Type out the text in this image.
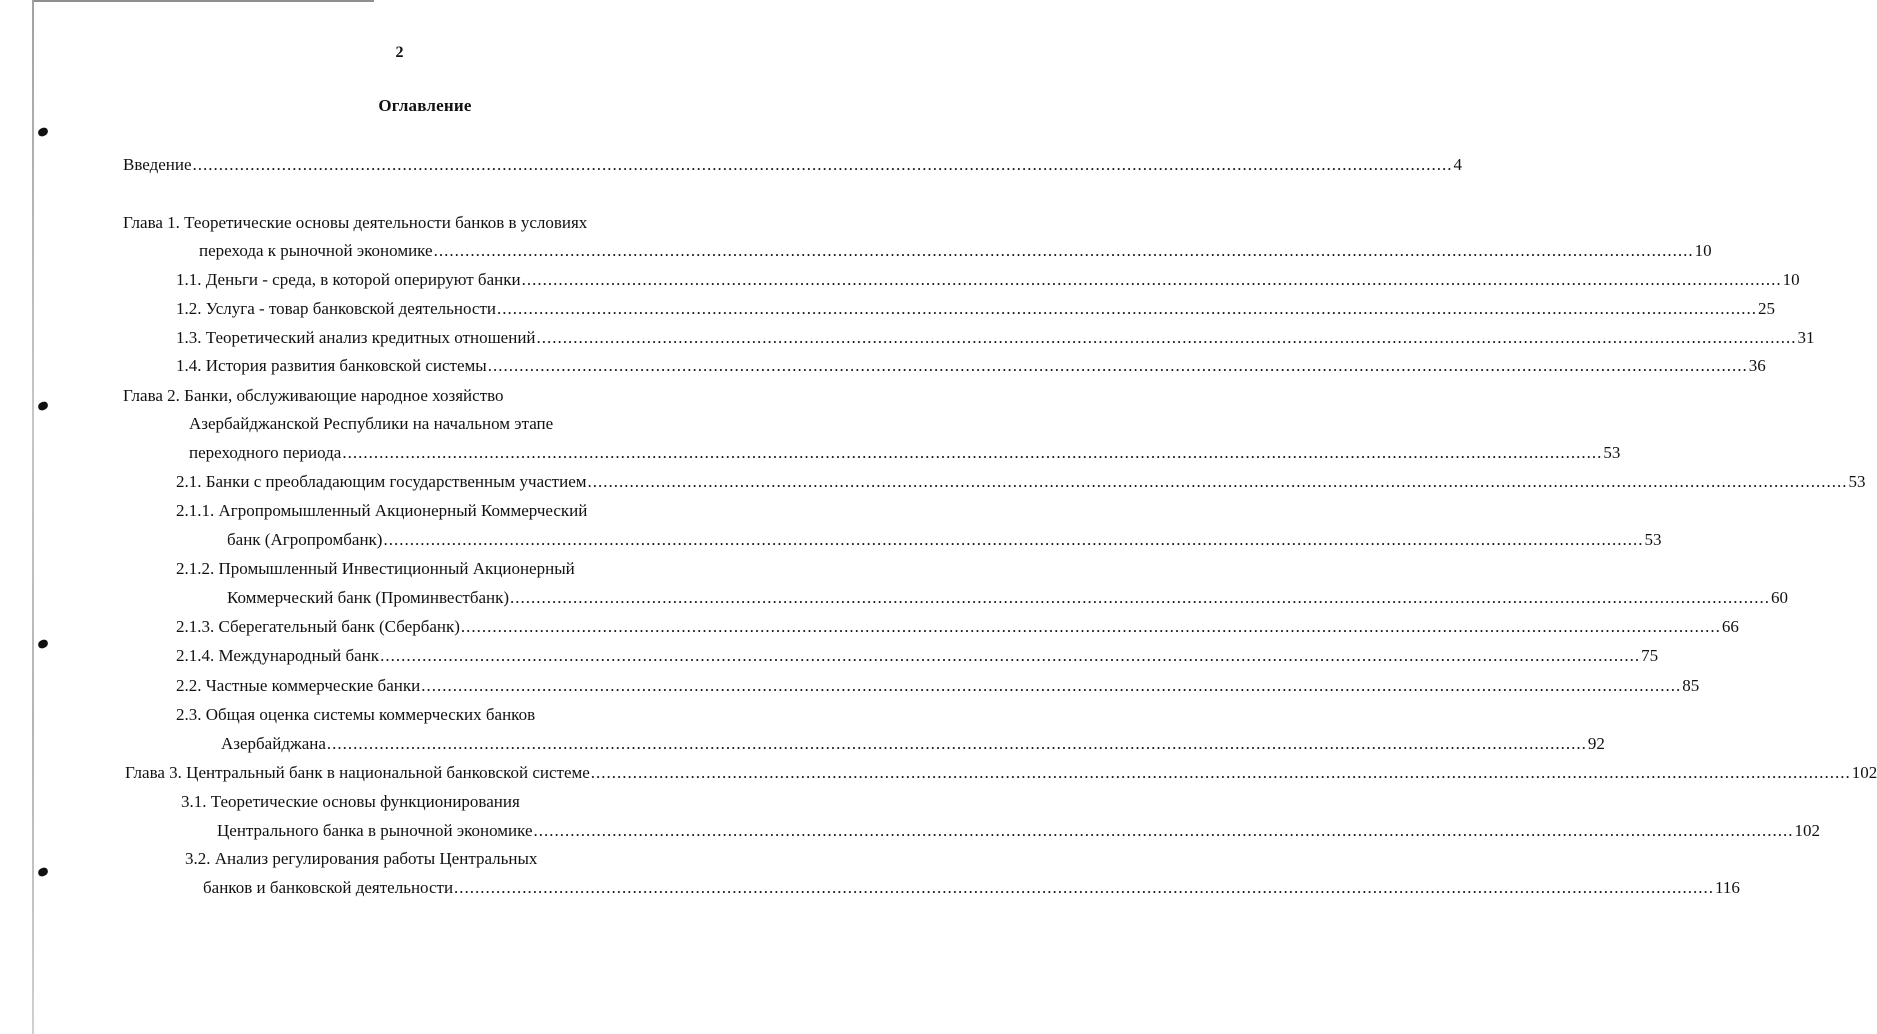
2
Оглавление
Введение ................................................................................................................................................................................................................................................ 4
Глава 1. Теоретические основы деятельности банков в условиях
перехода к рыночной экономике ................................................................................................................................................................................................................................................ 10
1.1. Деньги - среда, в которой оперируют банки ................................................................................................................................................................................................................................................ 10
1.2. Услуга - товар банковской деятельности ................................................................................................................................................................................................................................................ 25
1.3. Теоретический анализ кредитных отношений ................................................................................................................................................................................................................................................ 31
1.4. История развития банковской системы ................................................................................................................................................................................................................................................ 36
Глава 2. Банки, обслуживающие народное хозяйство
Азербайджанской Республики на начальном этапе
переходного периода ................................................................................................................................................................................................................................................ 53
2.1. Банки с преобладающим государственным участием ................................................................................................................................................................................................................................................ 53
2.1.1. Агропромышленный Акционерный Коммерческий
банк (Агропромбанк) ................................................................................................................................................................................................................................................ 53
2.1.2. Промышленный Инвестиционный Акционерный
Коммерческий банк (Проминвестбанк) ................................................................................................................................................................................................................................................ 60
2.1.3. Сберегательный банк (Сбербанк) ................................................................................................................................................................................................................................................ 66
2.1.4. Международный банк ................................................................................................................................................................................................................................................ 75
2.2. Частные коммерческие банки ................................................................................................................................................................................................................................................ 85
2.3. Общая оценка системы коммерческих банков
Азербайджана ................................................................................................................................................................................................................................................ 92
Глава 3. Центральный банк в национальной банковской системе ................................................................................................................................................................................................................................................ 102
3.1. Теоретические основы функционирования
Центрального банка в рыночной экономике ................................................................................................................................................................................................................................................ 102
3.2. Анализ регулирования работы Центральных
банков и банковской деятельности ................................................................................................................................................................................................................................................ 116
